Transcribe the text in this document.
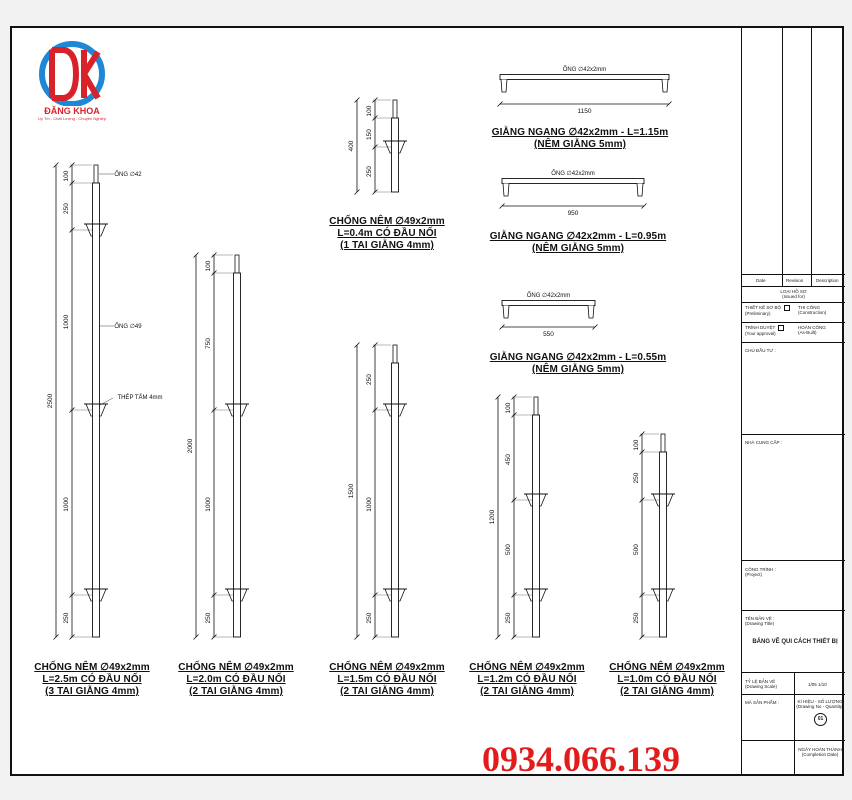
Date	Revision	Description
LOẠI HỒ SƠ
(Issued for)
THIẾT KẾ SƠ BỘ
(Preliminary)
THI CÔNG
(Construction)
TRÌNH DUYỆT
(Your approval)
HOÀN CÔNG
(As-Built)
CHỦ ĐẦU TƯ :
NHÀ CUNG CẤP :
CÔNG TRÌNH :
(Project)
TÊN BẢN VẼ :
(Drawing Title)
BẢNG VẼ QUI CÁCH THIẾT BỊ
TỶ LỆ BẢN VẼ
(Drawing Scale)	1/05 1/10
MÃ SẢN PHẨM :	KÍ HIỆU - SỐ LƯỢNG
(Drawing No - Quantity)
01
NGÀY HOÀN THÀNH
(Completion Date)
ĐĂNG KHOA
Uy Tín - Chất Lượng - Chuyên Nghiệp
100
250
1000
1000
250
2500
100
750
1000
250
2000
100
150
250
400
250
1000
250
1500
100
450
500
250
1200
100
250
500
250
ỐNG ∅42
ỐNG ∅49
THÉP TẤM 4mm
ỐNG ∅42x2mm
1150
ỐNG ∅42x2mm
950
ỐNG ∅42x2mm
550
CHỐNG NÊM ∅49x2mm
L=2.5m CÓ ĐẦU NỐI
(3 TAI GIẰNG 4mm)
CHỐNG NÊM ∅49x2mm
L=2.0m CÓ ĐẦU NỐI
(2 TAI GIẰNG 4mm)
CHỐNG NÊM ∅49x2mm
L=0.4m CÓ ĐẦU NỐI
(1 TAI GIẰNG 4mm)
CHỐNG NÊM ∅49x2mm
L=1.5m CÓ ĐẦU NỐI
(2 TAI GIẰNG 4mm)
CHỐNG NÊM ∅49x2mm
L=1.2m CÓ ĐẦU NỐI
(2 TAI GIẰNG 4mm)
CHỐNG NÊM ∅49x2mm
L=1.0m CÓ ĐẦU NỐI
(2 TAI GIẰNG 4mm)
GIẰNG NGANG ∅42x2mm - L=1.15m
(NÊM GIẰNG 5mm)
GIẰNG NGANG ∅42x2mm - L=0.95m
(NÊM GIẰNG 5mm)
GIẰNG NGANG ∅42x2mm - L=0.55m
(NÊM GIẰNG 5mm)
0934.066.139
